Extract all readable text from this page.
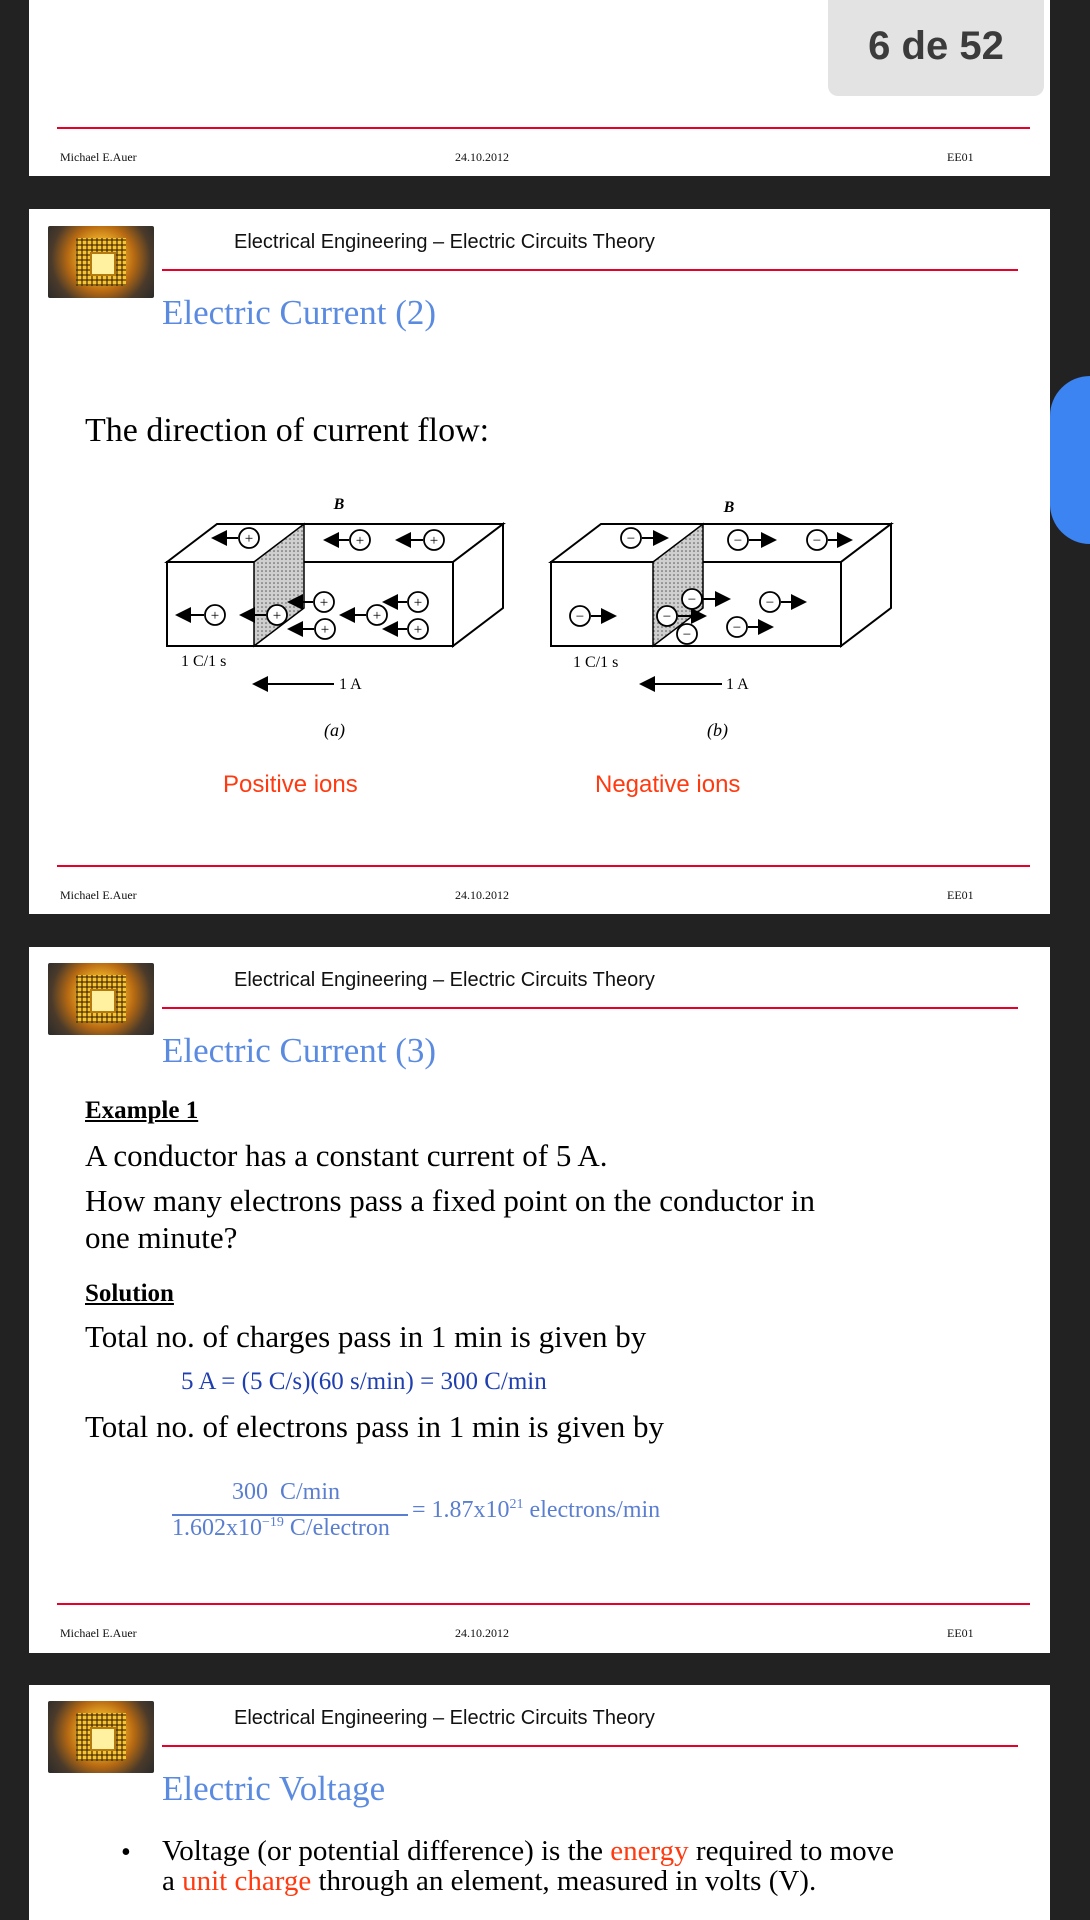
Michael E.Auer	24.10.2012	EE01
6 de 52
Electrical Engineering – Electric Circuits Theory
Electric Current (2)
The direction of current flow:
+	+	+
+	+
+
+
+
+
+
B
1 C/1 s
1 A
(a)
−	−	−
−
−
−
−
−
−
B
1 C/1 s
1 A
(b)
Positive ions	Negative ions
Michael E.Auer	24.10.2012	EE01
Electrical Engineering – Electric Circuits Theory
Electric Current (3)
Example 1
A conductor has a constant current of 5 A.
How many electrons pass a fixed point on the conductor in
one minute?
Solution
Total no. of charges pass in 1 min is given by
5 A = (5 C/s)(60 s/min) = 300 C/min
Total no. of electrons pass in 1 min is given by
300  C/min
$1.602x10^{-19}$ C/electron
= $1.87x10^{21}$ electrons/min
Michael E.Auer	24.10.2012	EE01
Electrical Engineering – Electric Circuits Theory
Electric Voltage
• Voltage (or potential difference) is the energy required to move
a unit charge through an element, measured in volts (V).
